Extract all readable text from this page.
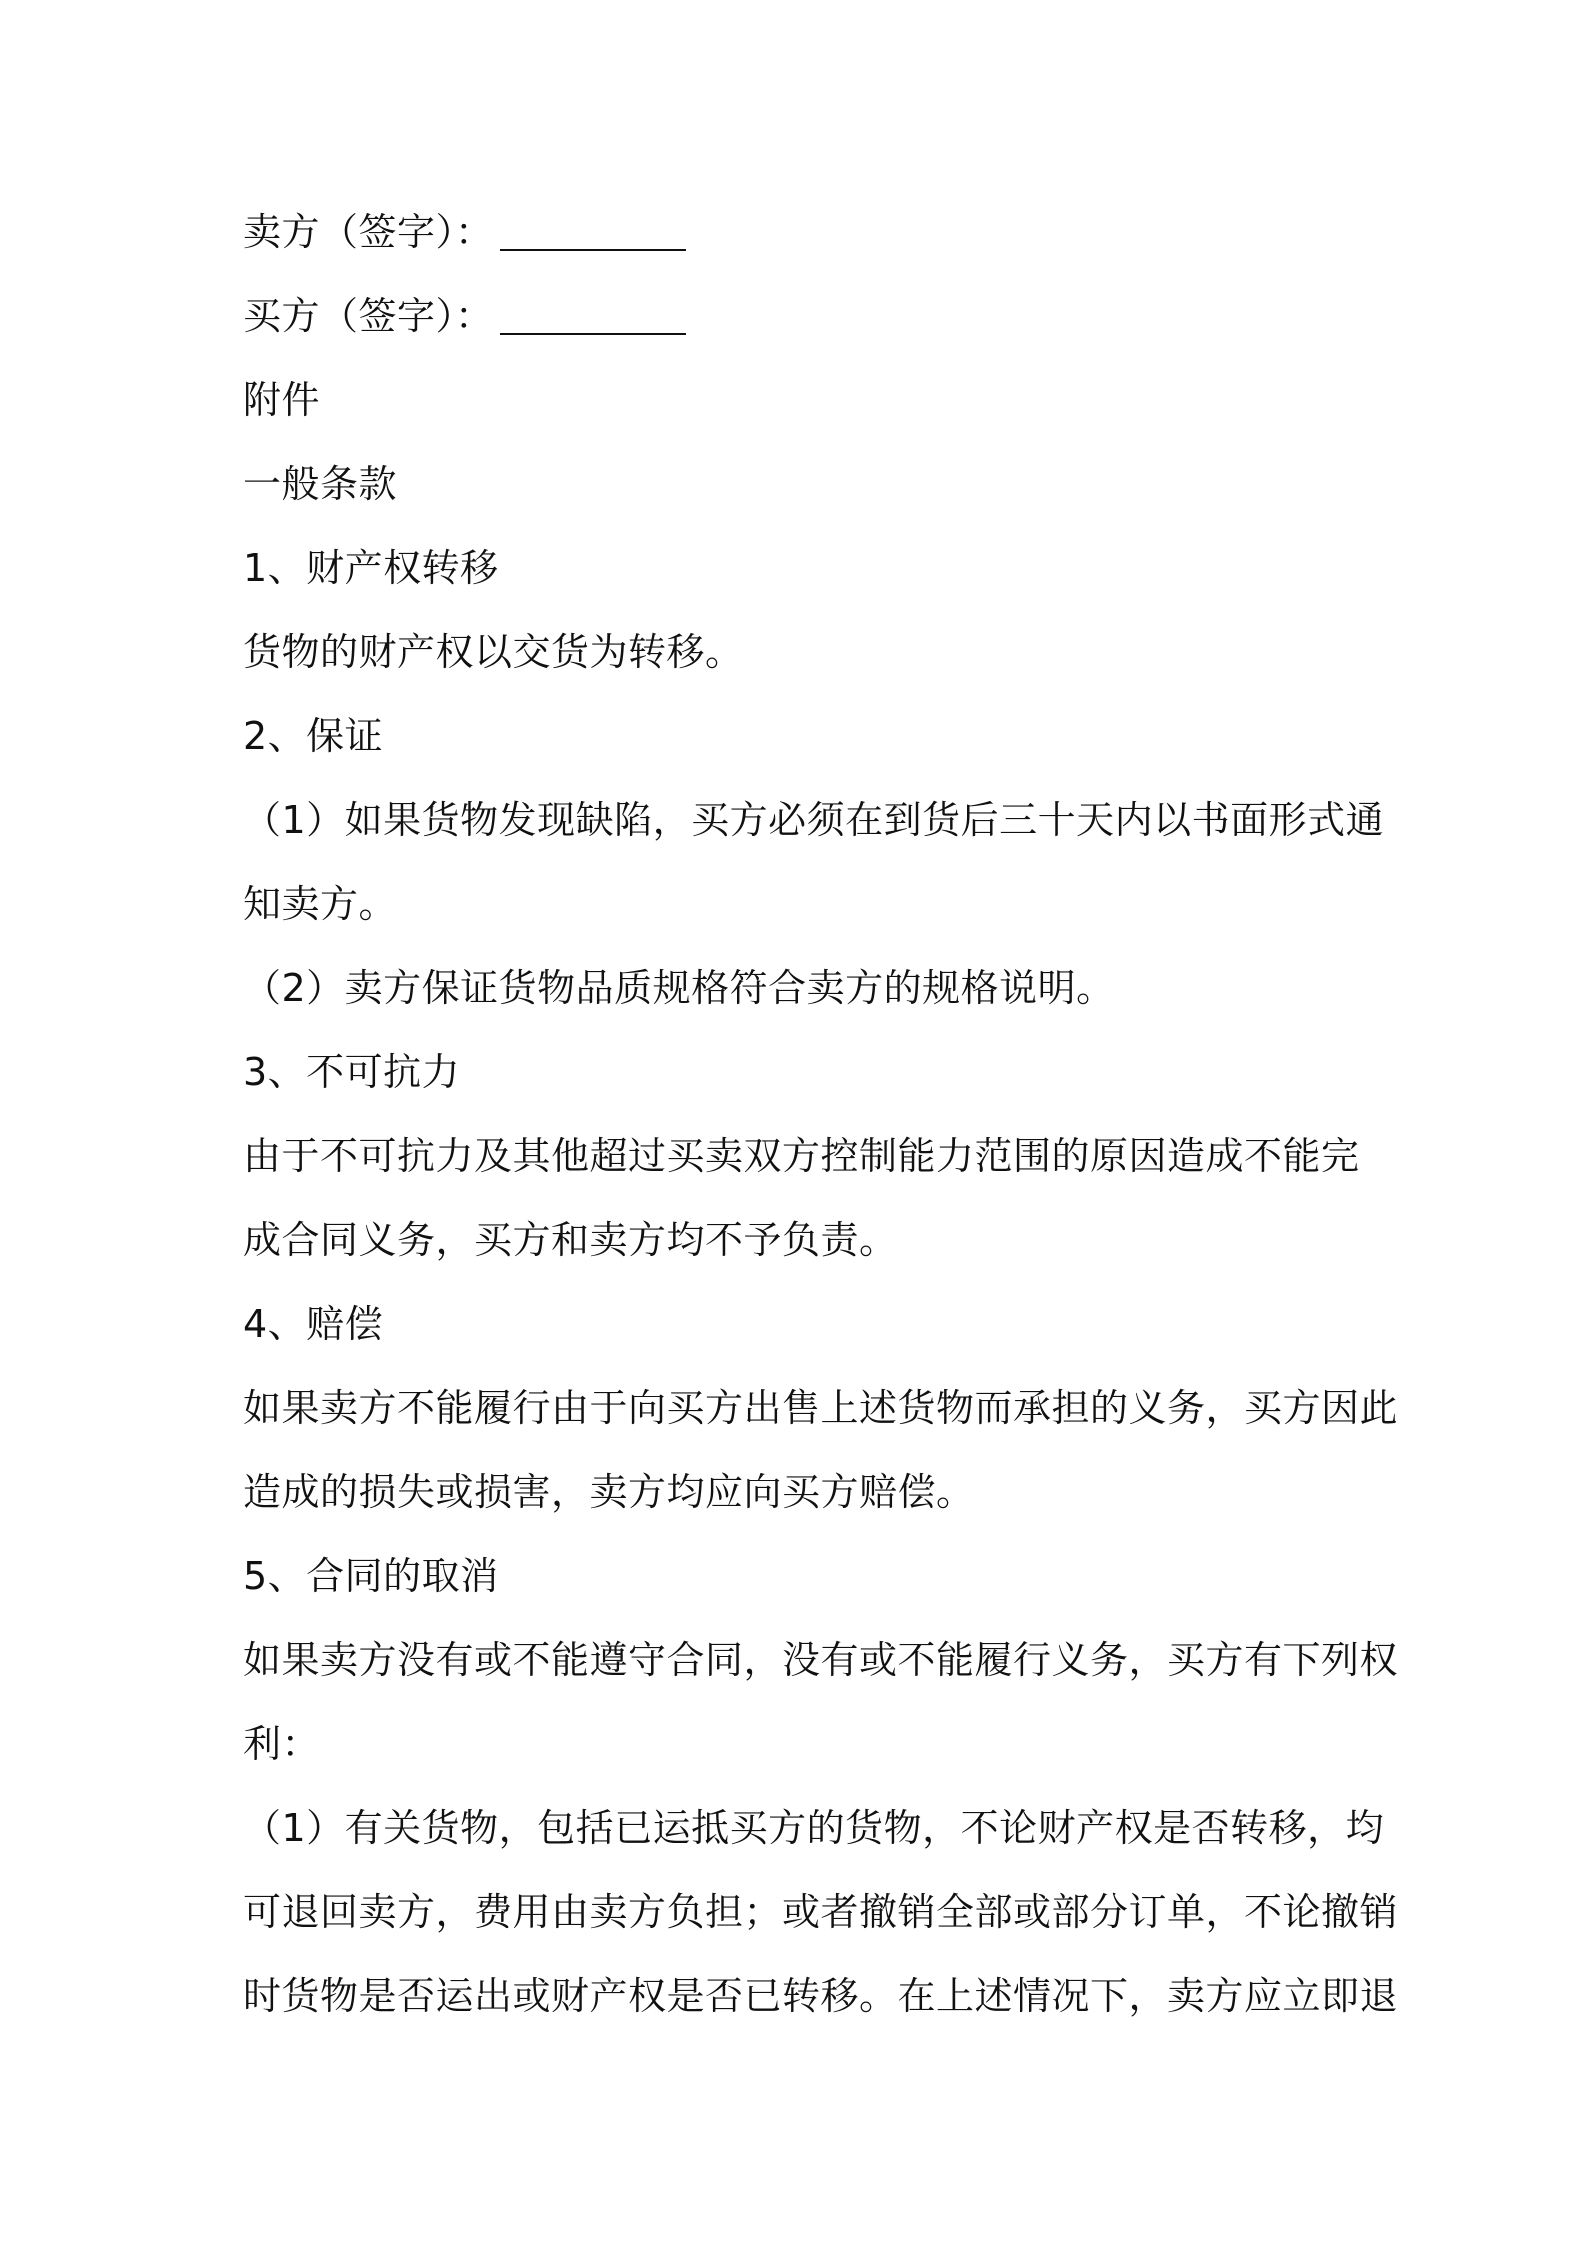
卖方（签字）：
买方（签字）：
附件
一般条款
1、财产权转移
货物的财产权以交货为转移。
2、保证
（1）如果货物发现缺陷，买方必须在到货后三十天内以书面形式通
知卖方。
（2）卖方保证货物品质规格符合卖方的规格说明。
3、不可抗力
由于不可抗力及其他超过买卖双方控制能力范围的原因造成不能完
成合同义务，买方和卖方均不予负责。
4、赔偿
如果卖方不能履行由于向买方出售上述货物而承担的义务，买方因此
造成的损失或损害，卖方均应向买方赔偿。
5、合同的取消
如果卖方没有或不能遵守合同，没有或不能履行义务，买方有下列权
利：
（1）有关货物，包括已运抵买方的货物，不论财产权是否转移，均
可退回卖方，费用由卖方负担；或者撤销全部或部分订单，不论撤销
时货物是否运出或财产权是否已转移。在上述情况下，卖方应立即退
